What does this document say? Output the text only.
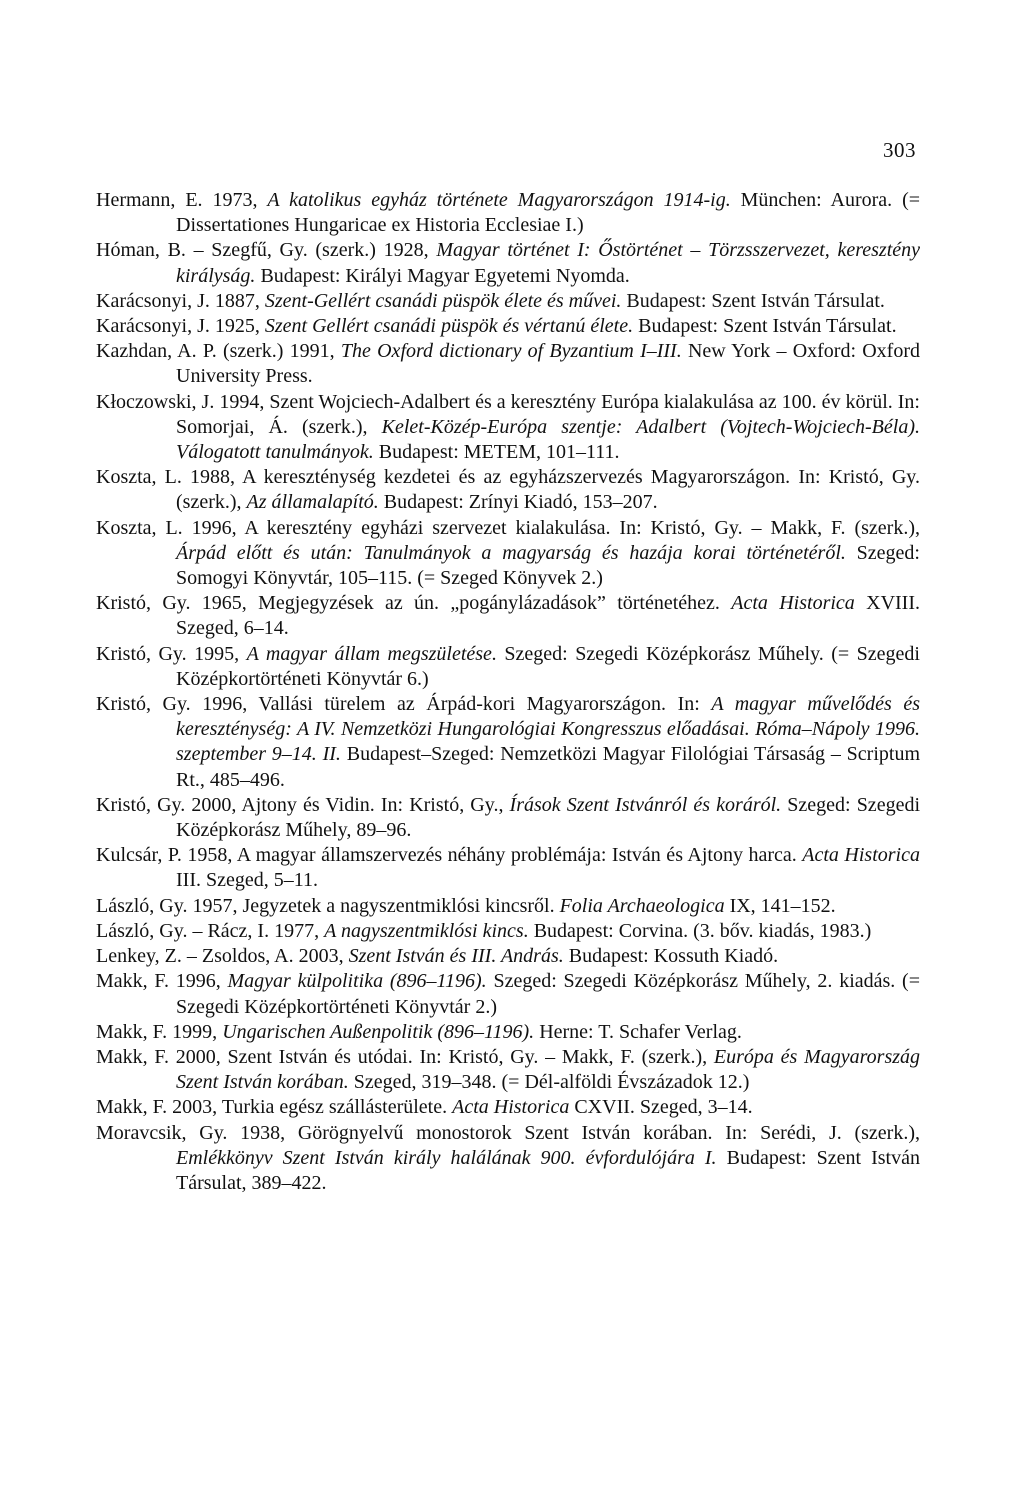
303
Hermann, E. 1973, A katolikus egyház története Magyarországon 1914-ig. München: Aurora. (= Dissertationes Hungaricae ex Historia Ecclesiae I.)
Hóman, B. – Szegfű, Gy. (szerk.) 1928, Magyar történet I: Őstörténet – Törzsszervezet, keresztény királyság. Budapest: Királyi Magyar Egyetemi Nyomda.
Karácsonyi, J. 1887, Szent-Gellért csanádi püspök élete és művei. Budapest: Szent István Társulat.
Karácsonyi, J. 1925, Szent Gellért csanádi püspök és vértanú élete. Budapest: Szent István Társulat.
Kazhdan, A. P. (szerk.) 1991, The Oxford dictionary of Byzantium I–III. New York – Oxford: Oxford University Press.
Kłoczowski, J. 1994, Szent Wojciech-Adalbert és a keresztény Európa kialakulása az 100. év körül. In: Somorjai, Á. (szerk.), Kelet-Közép-Európa szentje: Adalbert (Vojtech-Wojciech-Béla). Válogatott tanulmányok. Budapest: METEM, 101–111.
Koszta, L. 1988, A kereszténység kezdetei és az egyházszervezés Magyarországon. In: Kristó, Gy. (szerk.), Az államalapító. Budapest: Zrínyi Kiadó, 153–207.
Koszta, L. 1996, A keresztény egyházi szervezet kialakulása. In: Kristó, Gy. – Makk, F. (szerk.), Árpád előtt és után: Tanulmányok a magyarság és hazája korai történetéről. Szeged: Somogyi Könyvtár, 105–115. (= Szeged Könyvek 2.)
Kristó, Gy. 1965, Megjegyzések az ún. „pogánylázadások” történetéhez. Acta Historica XVIII. Szeged, 6–14.
Kristó, Gy. 1995, A magyar állam megszületése. Szeged: Szegedi Középkorász Műhely. (= Szegedi Középkortörténeti Könyvtár 6.)
Kristó, Gy. 1996, Vallási türelem az Árpád-kori Magyarországon. In: A magyar művelődés és kereszténység: A IV. Nemzetközi Hungarológiai Kongresszus előadásai. Róma–Nápoly 1996. szeptember 9–14. II. Budapest–Szeged: Nemzetközi Magyar Filológiai Társaság – Scriptum Rt., 485–496.
Kristó, Gy. 2000, Ajtony és Vidin. In: Kristó, Gy., Írások Szent Istvánról és koráról. Szeged: Szegedi Középkorász Műhely, 89–96.
Kulcsár, P. 1958, A magyar államszervezés néhány problémája: István és Ajtony harca. Acta Historica III. Szeged, 5–11.
László, Gy. 1957, Jegyzetek a nagyszentmiklósi kincsről. Folia Archaeologica IX, 141–152.
László, Gy. – Rácz, I. 1977, A nagyszentmiklósi kincs. Budapest: Corvina. (3. bőv. kiadás, 1983.)
Lenkey, Z. – Zsoldos, A. 2003, Szent István és III. András. Budapest: Kossuth Kiadó.
Makk, F. 1996, Magyar külpolitika (896–1196). Szeged: Szegedi Középkorász Műhely, 2. kiadás. (= Szegedi Középkortörténeti Könyvtár 2.)
Makk, F. 1999, Ungarischen Außenpolitik (896–1196). Herne: T. Schafer Verlag.
Makk, F. 2000, Szent István és utódai. In: Kristó, Gy. – Makk, F. (szerk.), Európa és Magyarország Szent István korában. Szeged, 319–348. (= Dél-alföldi Évszázadok 12.)
Makk, F. 2003, Turkia egész szállásterülete. Acta Historica CXVII. Szeged, 3–14.
Moravcsik, Gy. 1938, Görögnyelvű monostorok Szent István korában. In: Serédi, J. (szerk.), Emlékkönyv Szent István király halálának 900. évfordulójára I. Budapest: Szent István Társulat, 389–422.
